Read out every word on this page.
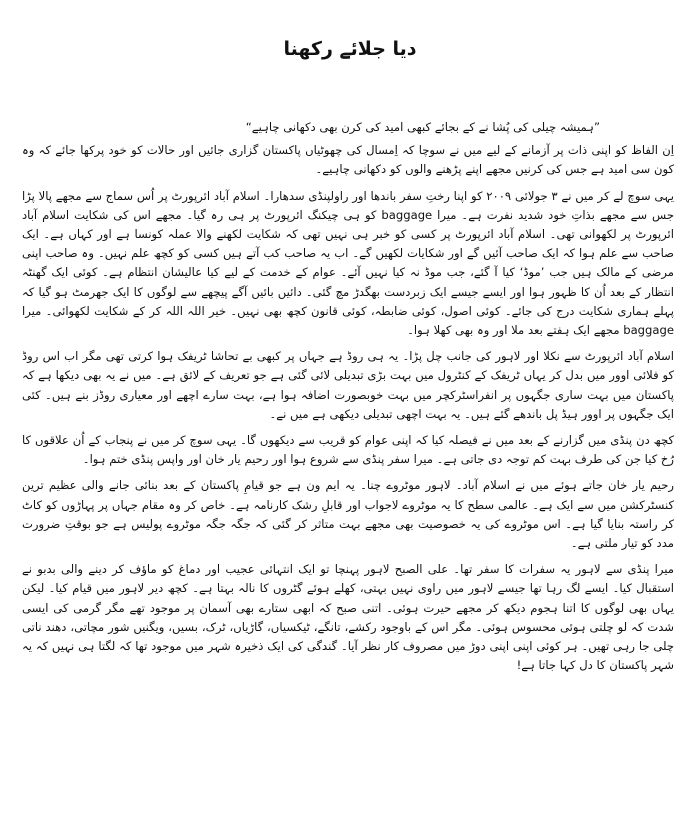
دیا جلائے رکھنا

”ہمیشہ چیلی کی پُشا نے کے بجائے کبھی امید کی کرن بھی دکھانی چاہیے“

اِن الفاظ کو اپنی ذات پر آزمانے کے لیے میں نے سوچا کہ اِمسال کی چھوٹیاں پاکستان گزاری جائیں اور حالات کو خود پرکھا جائے کہ وہ کون سی امید ہے جس کی کرنیں مجھے اپنے پڑھنے والوں کو دکھانی چاہیے۔

یہی سوچ لے کر میں نے ۳ جولائی ۲۰۰۹ کو اپنا رختِ سفر باندھا اور راولپنڈی سدھارا۔ اسلام آباد ائرپورٹ پر اُس سماج سے مجھے پالا پڑا جس سے مجھے بذاتِ خود شدید نفرت ہے۔ میرا baggage کو ہی چیکنگ ائرپورٹ پر ہی رہ گیا۔ مجھے اس کی شکایت اسلام آباد ائرپورٹ پر لکھوانی تھی۔ اسلام آباد ائرپورٹ پر کسی کو خبر ہی نہیں تھی کہ شکایت لکھنے والا عملہ کونسا ہے اور کہاں ہے۔ ایک صاحب سے علم ہوا کہ ایک صاحب آئیں گے اور شکایات لکھیں گے۔ اب یہ صاحب کب آتے ہیں کسی کو کچھ علم نہیں۔ وہ صاحب اپنی مرضی کے مالک ہیں جب ’موڈ‘ کیا آ گئے، جب موڈ نہ کیا نہیں آئے۔ عوام کے خدمت کے لیے کیا عالیشان انتظام ہے۔ کوئی ایک گھنٹہ انتظار کے بعد اُن کا ظہور ہوا اور ایسے جیسے ایک زبردست بھگدڑ مچ گئی۔ دائیں بائیں آگے پیچھے سے لوگوں کا ایک جھرمٹ ہو گیا کہ پہلے ہماری شکایت درج کی جائے۔ کوئی اصول، کوئی ضابطہ، کوئی قانون کچھ بھی نہیں۔ خیر اللہ اللہ کر کے شکایت لکھوائی۔ میرا baggage مجھے ایک ہفتے بعد ملا اور وہ بھی کھلا ہوا۔

اسلام آباد ائرپورٹ سے نکلا اور لاہور کی جانب چل پڑا۔ یہ ہی روڈ ہے جہاں پر کبھی بے تحاشا ٹریفک ہوا کرتی تھی مگر اب اس روڈ کو فلائی اوور میں بدل کر یہاں ٹریفک کے کنٹرول میں بہت بڑی تبدیلی لائی گئی ہے جو تعریف کے لائق ہے۔ میں نے یہ بھی دیکھا ہے کہ پاکستان میں بہت ساری جگہوں پر انفراسٹرکچر میں بہت خوبصورت اضافہ ہوا ہے، بہت سارے اچھے اور معیاری روڈز بنے ہیں۔ کئی ایک جگہوں پر اوور ہیڈ پل باندھے گئے ہیں۔ یہ بہت اچھی تبدیلی دیکھی ہے میں نے۔

کچھ دن پنڈی میں گزارنے کے بعد میں نے فیصلہ کیا کہ اپنی عوام کو قریب سے دیکھوں گا۔ یہی سوچ کر میں نے پنجاب کے اُن علاقوں کا رُخ کیا جن کی طرف بہت کم توجہ دی جاتی ہے۔ میرا سفر پنڈی سے شروع ہوا اور رحیم یار خان اور واپس پنڈی ختم ہوا۔

رحیم یار خان جاتے ہوئے میں نے اسلام آباد۔ لاہور موٹروے چنا۔ یہ ایم ون ہے جو قیامِ پاکستان کے بعد بنائی جانے والی عظیم ترین کنسٹرکشن میں سے ایک ہے۔ عالمی سطح کا یہ موٹروے لاجواب اور قابلِ رشک کارنامہ ہے۔ خاص کر وہ مقام جہاں پر پہاڑوں کو کاٹ کر راستہ بنایا گیا ہے۔ اس موٹروے کی یہ خصوصیت بھی مجھے بہت متاثر کر گئی کہ جگہ جگہ موٹروے پولیس ہے جو بوقتِ ضرورت مدد کو تیار ملتی ہے۔

میرا پنڈی سے لاہور یہ سفرات کا سفر تھا۔ علی الصبح لاہور پہنچا تو ایک انتہائی عجیب اور دماغ کو ماؤف کر دینے والی بدبو نے استقبال کیا۔ ایسے لگ رہا تھا جیسے لاہور میں راوی نہیں بہتی، کھلے ہوئے گٹروں کا نالہ بہتا ہے۔ کچھ دیر لاہور میں قیام کیا۔ لیکن یہاں بھی لوگوں کا اتنا ہجوم دیکھ کر مجھے حیرت ہوئی۔ اتنی صبح کہ ابھی ستارے بھی آسمان پر موجود تھے مگر گرمی کی ایسی شدت کہ لو چلتی ہوئی محسوس ہوئی۔ مگر اس کے باوجود رکشے، تانگے، ٹیکسیاں، گاڑیاں، ٹرک، بسیں، ویگنیں شور مچاتی، دھند ناتی چلی جا رہی تھیں۔ ہر کوئی اپنی اپنی دوڑ میں مصروف کار نظر آیا۔ گندگی کی ایک ذخیرہ شہر میں موجود تھا کہ لگتا ہی نہیں کہ یہ شہر پاکستان کا دل کہا جاتا ہے!
